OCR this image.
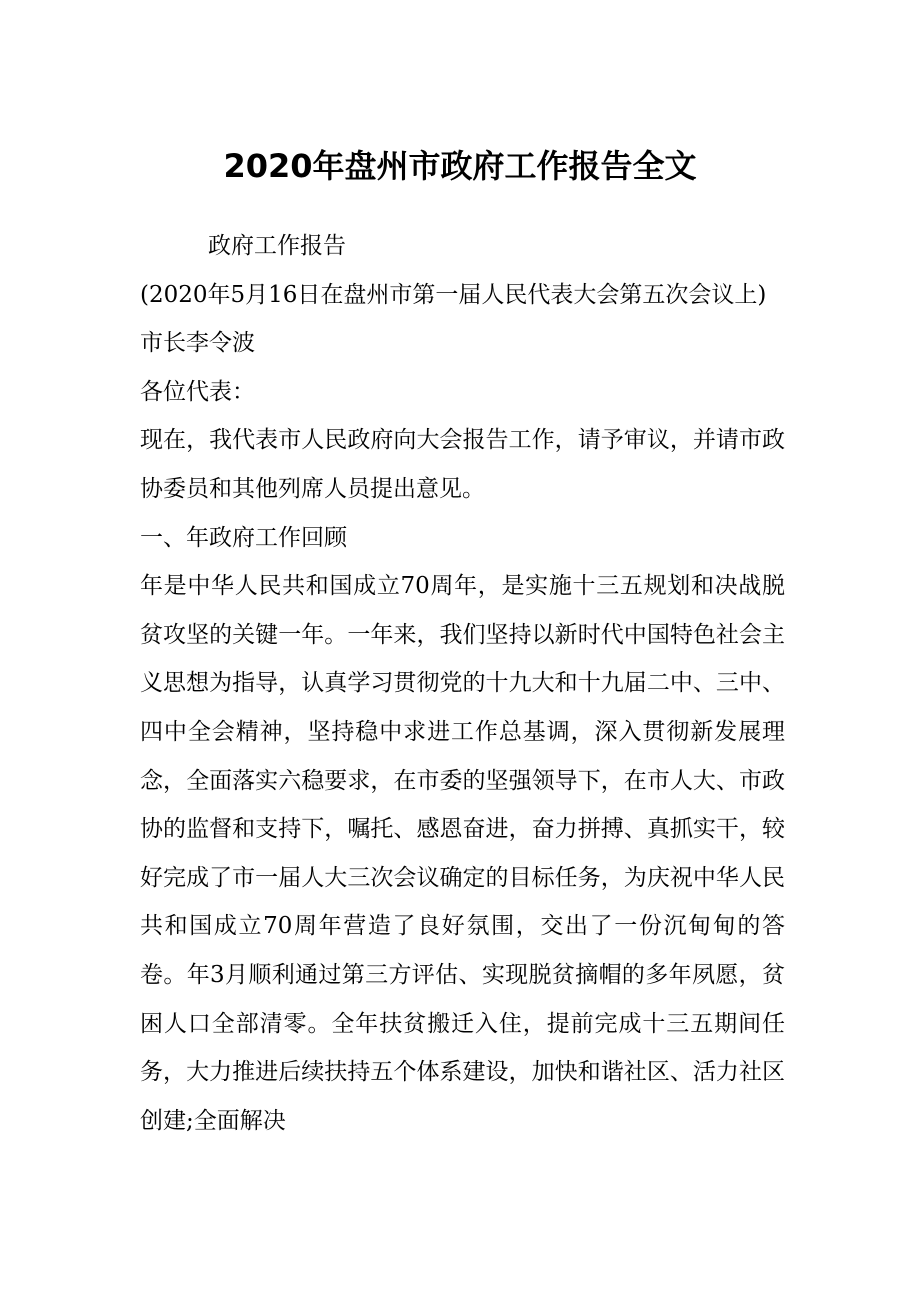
2020年盘州市政府工作报告全文

政府工作报告

(2020年5月16日在盘州市第一届人民代表大会第五次会议上)

市长李令波

各位代表：

现在，我代表市人民政府向大会报告工作，请予审议，并请市政协委员和其他列席人员提出意见。

一、年政府工作回顾

年是中华人民共和国成立70周年，是实施十三五规划和决战脱贫攻坚的关键一年。一年来，我们坚持以新时代中国特色社会主义思想为指导，认真学习贯彻党的十九大和十九届二中、三中、四中全会精神，坚持稳中求进工作总基调，深入贯彻新发展理念，全面落实六稳要求，在市委的坚强领导下，在市人大、市政协的监督和支持下，嘱托、感恩奋进，奋力拼搏、真抓实干，较好完成了市一届人大三次会议确定的目标任务，为庆祝中华人民共和国成立70周年营造了良好氛围，交出了一份沉甸甸的答卷。年3月顺利通过第三方评估、实现脱贫摘帽的多年夙愿，贫困人口全部清零。全年扶贫搬迁入住，提前完成十三五期间任务，大力推进后续扶持五个体系建设，加快和谐社区、活力社区创建;全面解决
